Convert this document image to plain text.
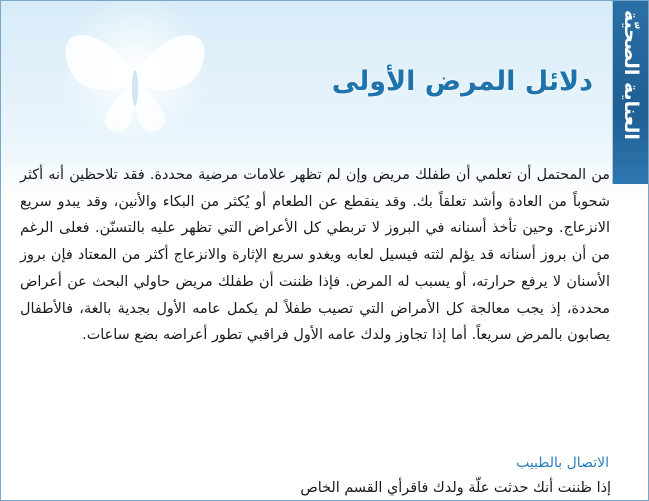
العناية الصحيّة
دلائل المرض الأولى

من المحتمل أن تعلمي أن طفلك مريض وإن لم تظهر علامات مرضية محددة. فقد تلاحظين أنه أكثر شحوباً من العادة وأشد تعلقاً بك. وقد ينقطع عن الطعام أو يُكثر من البكاء والأنين، وقد يبدو سريع الانزعاج. وحين تأخذ أسنانه في البروز لا تربطي كل الأعراض التي تظهر عليه بالتسنّن. فعلى الرغم من أن بروز أسنانه قد يؤلم لثته فيسيل لعابه ويغدو سريع الإثارة والانزعاج أكثر من المعتاد فإن بروز الأسنان لا يرفع حرارته، أو يسبب له المرض. فإذا ظننت أن طفلك مريض حاولي البحث عن أعراض محددة، إذ يجب معالجة كل الأمراض التي تصيب طفلاً لم يكمل عامه الأول بجدية بالغة، فالأطفال يصابون بالمرض سريعاً. أما إذا تجاوز ولدك عامه الأول فراقبي تطور أعراضه بضع ساعات.

الاتصال بالطبيب
إذا ظننت أنك حدثت علّة ولدك فاقرأي القسم الخاص
